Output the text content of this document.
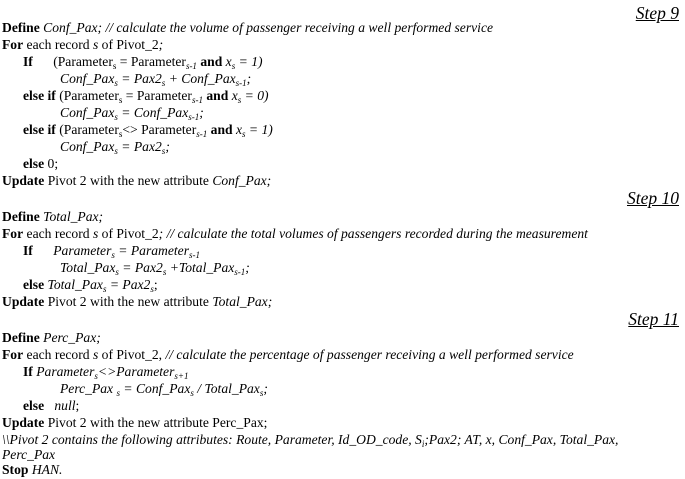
Step 9
Define Conf_Pax; // calculate the volume of passenger receiving a well performed service
For each record s of Pivot_2;
If      (Parameter$_s$ = Parameter$_{s-1}$ and $x_s = 1$)
Conf_Pax$_s$ = $Pax2_s$ + Conf_Pax$_{s-1}$;
else if (Parameter$_s$ = Parameter$_{s-1}$ and $x_s = 0$)
Conf_Pax$_s$ = Conf_Pax$_{s-1}$;
else if (Parameter$_s$<> Parameter$_{s-1}$ and $x_s = 1$)
Conf_Pax$_s$ = $Pax2_s$;
else 0;
Update Pivot 2 with the new attribute Conf_Pax;
Step 10
Define Total_Pax;
For each record s of Pivot_2; // calculate the total volumes of passengers recorded during the measurement
If Parameter$_s$ = Parameter$_{s-1}$
Total_Pax$_s$ = $Pax2_s$ +Total_Pax$_{s-1}$;
else Total_Pax$_s$ = $Pax2_s$;
Update Pivot 2 with the new attribute Total_Pax;
Step 11
Define Perc_Pax;
For each record s of Pivot_2, // calculate the percentage of passenger receiving a well performed service
If Parameter$_s$<>Parameter$_{s+1}$
Perc_Pax $_s$ = Conf_Pax$_s$ / Total_Pax$_s$;
else null;
Update Pivot 2 with the new attribute Perc_Pax;
\\Pivot 2 contains the following attributes: Route, Parameter, Id_OD_code, $S_i;Pax2$; AT, x, Conf_Pax, Total_Pax,
Perc_Pax
Stop HAN.
